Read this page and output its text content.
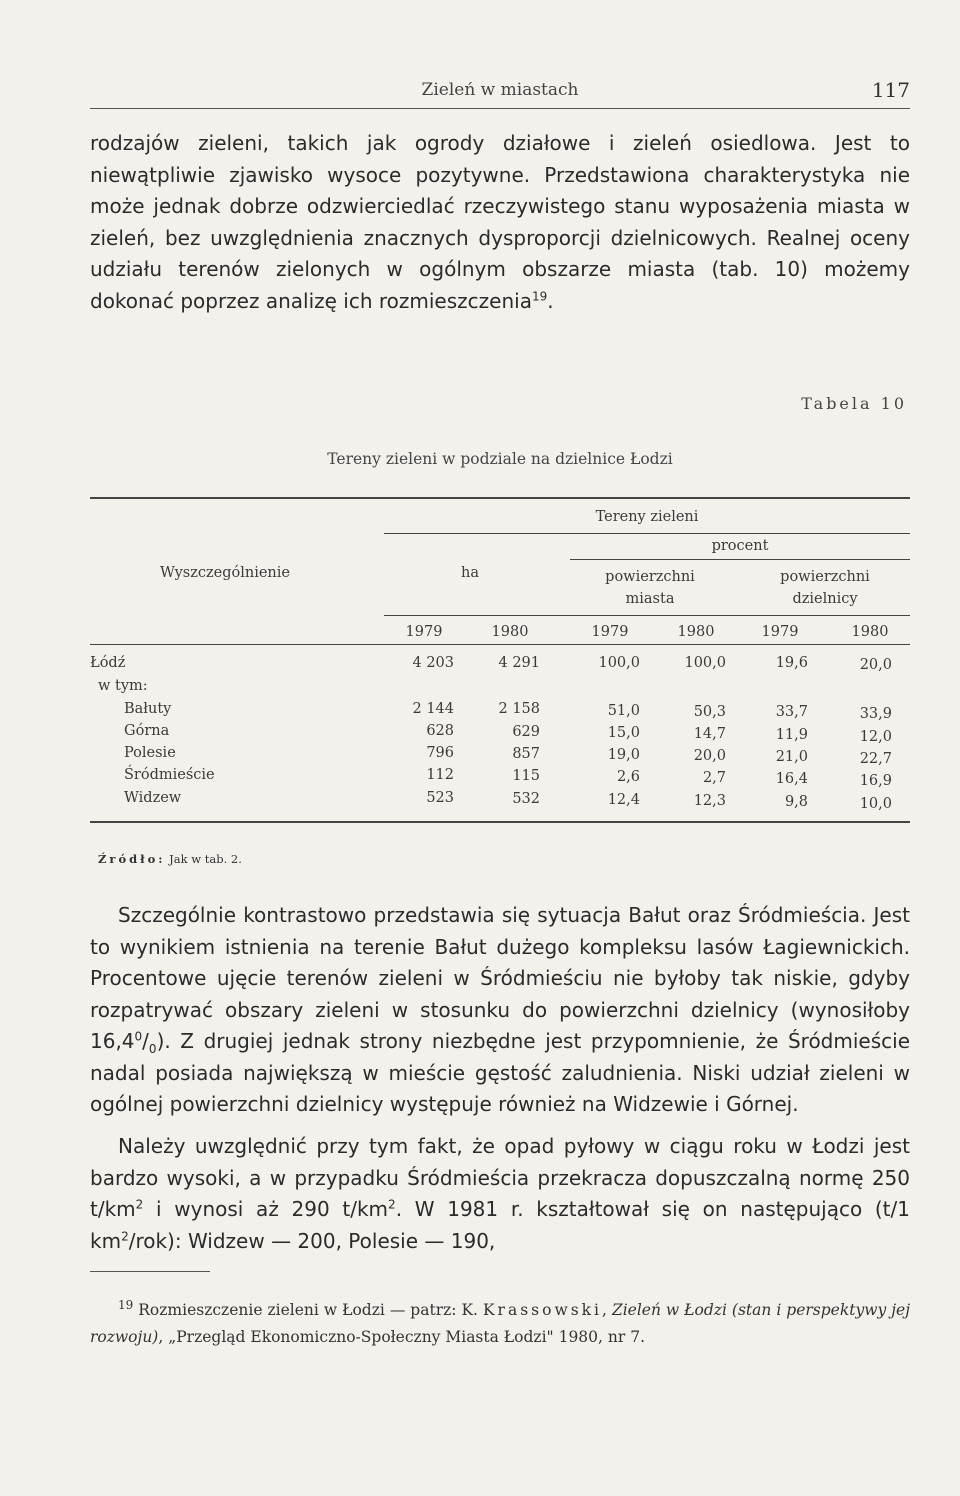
Zieleń w miastach	117

rodzajów zieleni, takich jak ogrody działowe i zieleń osiedlowa. Jest to niewątpliwie zjawisko wysoce pozytywne. Przedstawiona charakterystyka nie może jednak dobrze odzwierciedlać rzeczywistego stanu wyposażenia miasta w zieleń, bez uwzględnienia znacznych dysproporcji dzielnicowych. Realnej oceny udziału terenów zielonych w ogólnym obszarze miasta (tab. 10) możemy dokonać poprzez analizę ich rozmieszczenia$^{19}$.

Tabela 10
Tereny zieleni w podziale na dzielnice Łodzi
Wyszczególnienie
Tereny zieleni
ha
procent
powierzchni
miasta
powierzchni
dzielnicy
1979	1980	1979	1980	1979	1980
Łódź	4 203	4 291	100,0	100,0	19,6	20,0
w tym:
Bałuty	2 144	2 158	51,0	50,3	33,7	33,9
Górna	628	629	15,0	14,7	11,9	12,0
Polesie	796	857	19,0	20,0	21,0	22,7
Śródmieście	112	115	2,6	2,7	16,4	16,9
Widzew	523	532	12,4	12,3	9,8	10,0
Źródło: Jak w tab. 2.

Szczególnie kontrastowo przedstawia się sytuacja Bałut oraz Śródmieścia. Jest to wynikiem istnienia na terenie Bałut dużego kompleksu lasów Łagiewnickich. Procentowe ujęcie terenów zieleni w Śródmieściu nie byłoby tak niskie, gdyby rozpatrywać obszary zieleni w stosunku do powierzchni dzielnicy (wynosiłoby $16,4^0/_0$). Z drugiej jednak strony niezbędne jest przypomnienie, że Śródmieście nadal posiada największą w mieście gęstość zaludnienia. Niski udział zieleni w ogólnej powierzchni dzielnicy występuje również na Widzewie i Górnej.

Należy uwzględnić przy tym fakt, że opad pyłowy w ciągu roku w Łodzi jest bardzo wysoki, a w przypadku Śródmieścia przekracza dopuszczalną normę 250 $t/km^2$ i wynosi aż 290 $t/km^2$. W 1981 r. kształtował się on następująco (t/1 $km^2/rok$): Widzew — 200, Polesie — 190,

$^{19}$ Rozmieszczenie zieleni w Łodzi — patrz: K. Krassowski, Zieleń w Łodzi (stan i perspektywy jej rozwoju), „Przegląd Ekonomiczno-Społeczny Miasta Łodzi" 1980, nr 7.
